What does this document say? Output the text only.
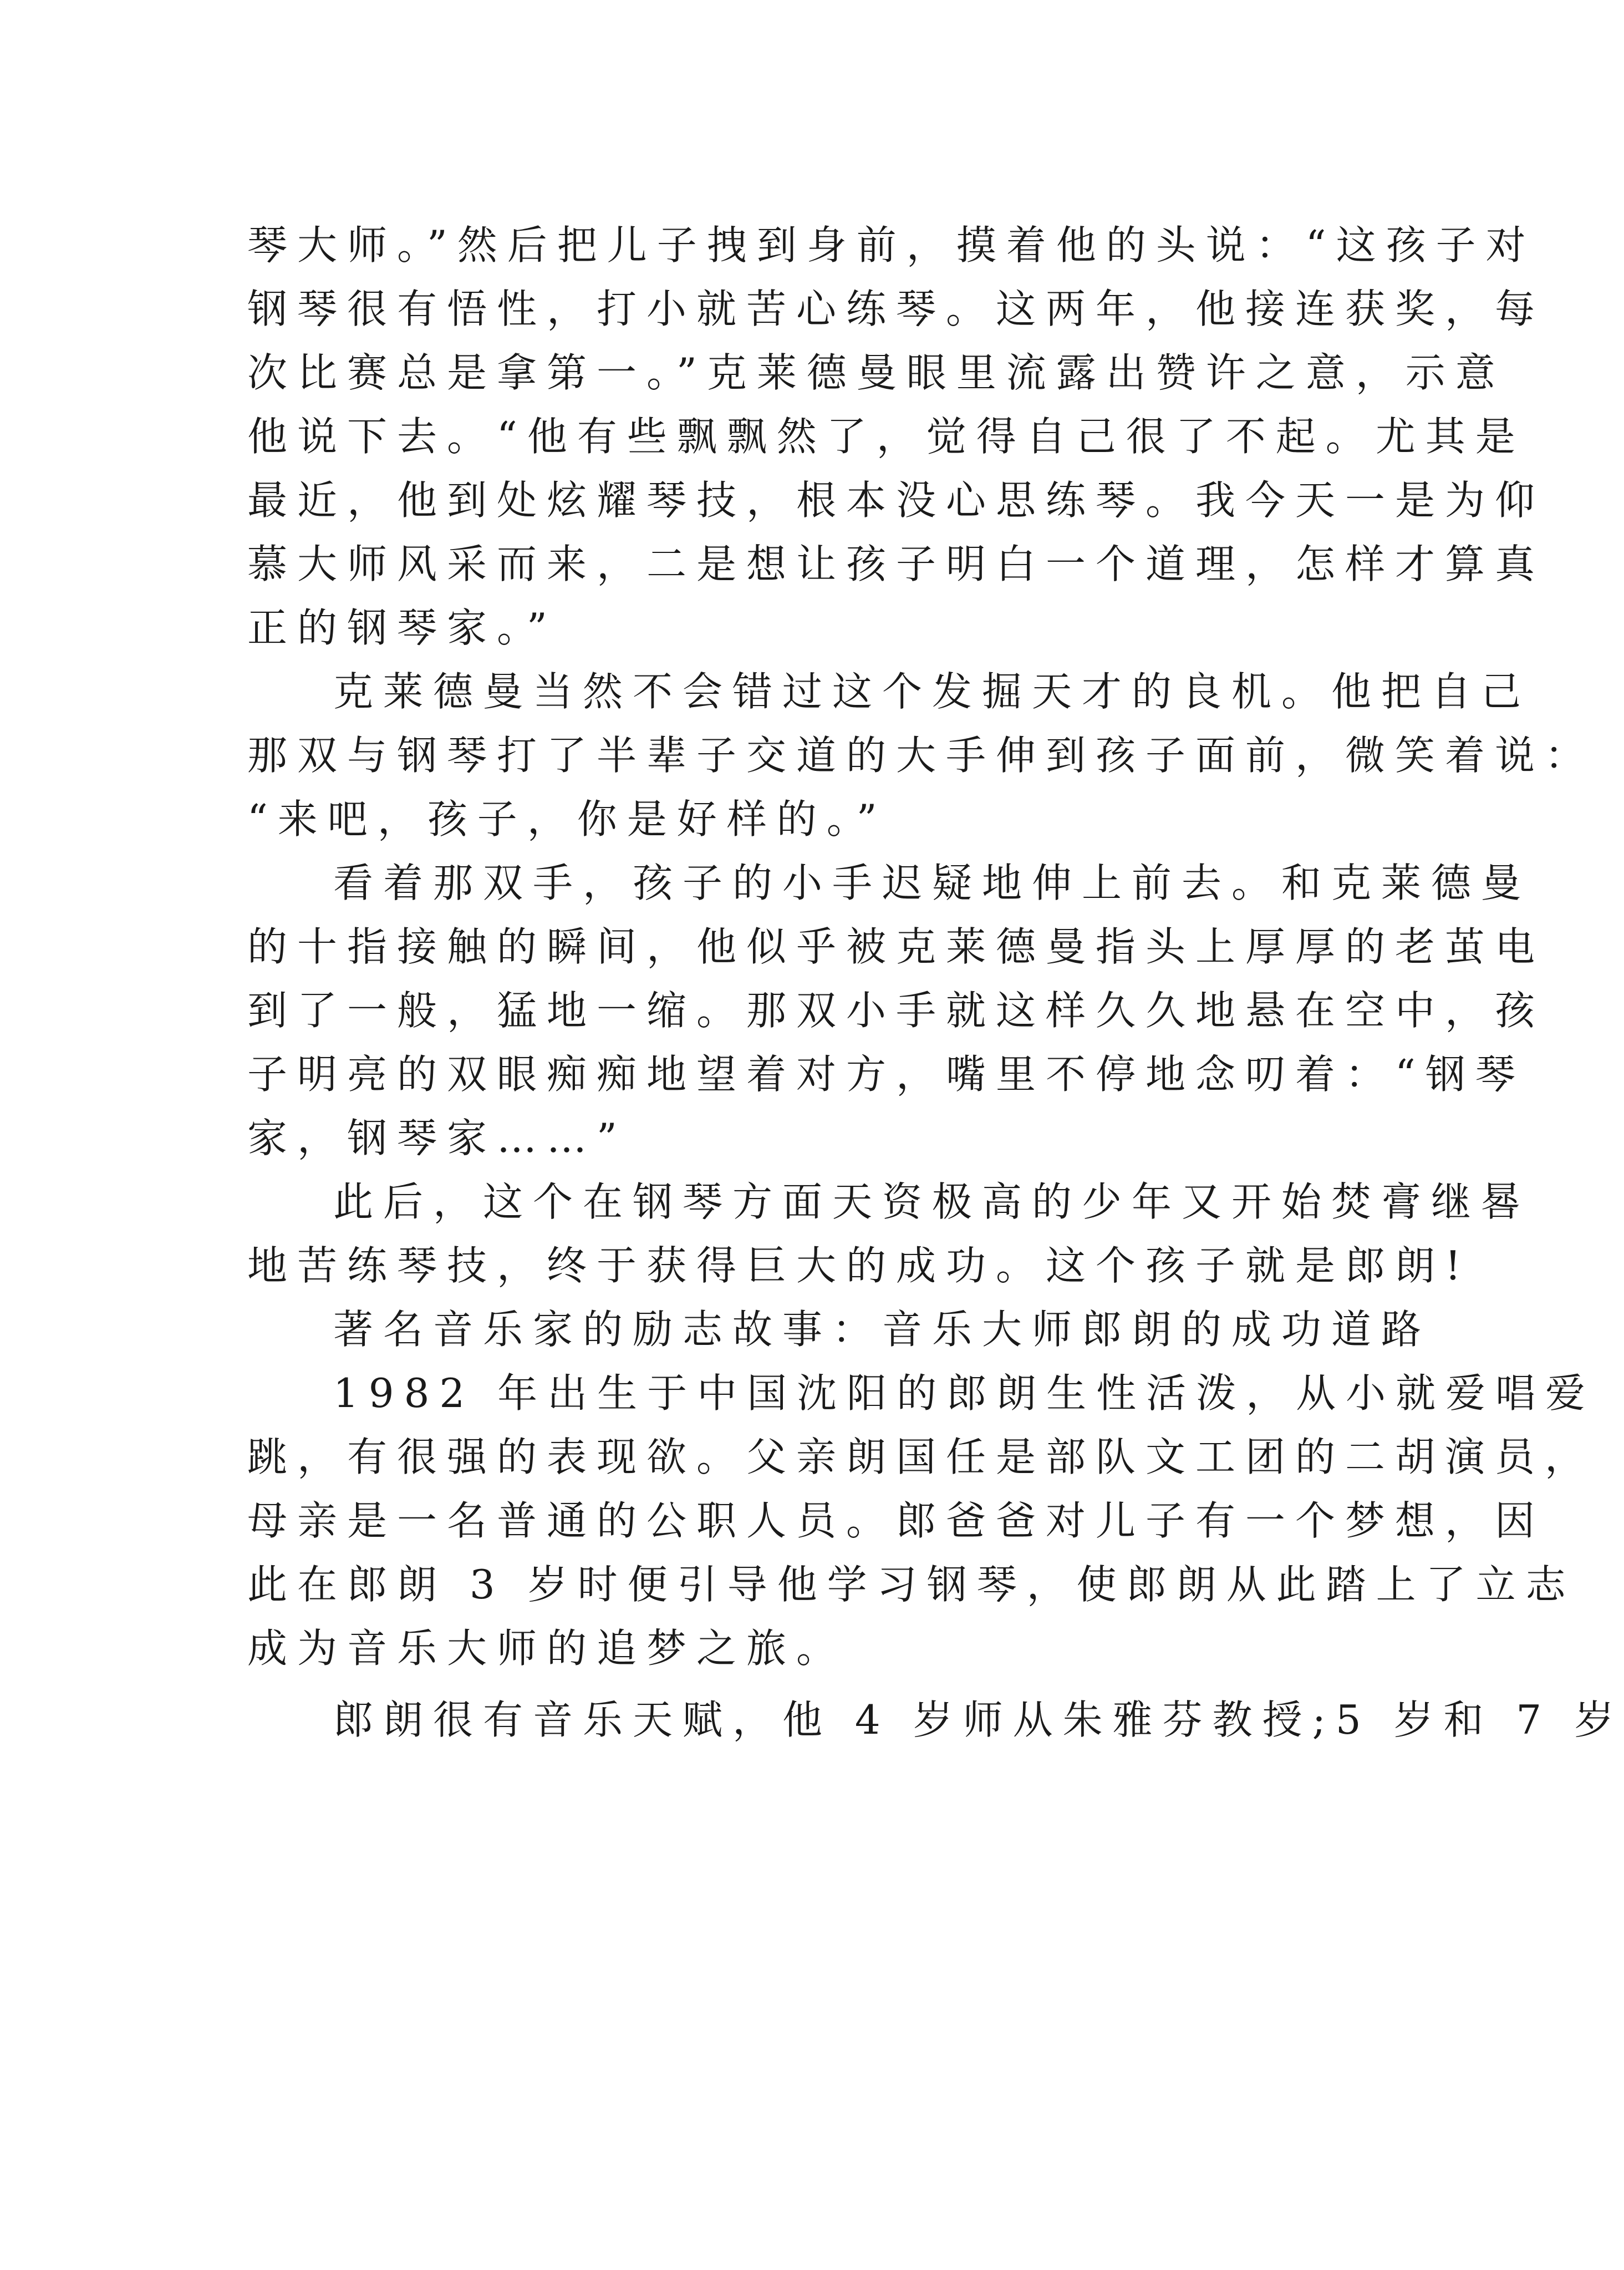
琴大师。”然后把儿子拽到身前，摸着他的头说：“这孩子对

钢琴很有悟性，打小就苦心练琴。这两年，他接连获奖，每

次比赛总是拿第一。”克莱德曼眼里流露出赞许之意，示意

他说下去。“他有些飘飘然了，觉得自己很了不起。尤其是

最近，他到处炫耀琴技，根本没心思练琴。我今天一是为仰

慕大师风采而来，二是想让孩子明白一个道理，怎样才算真

正的钢琴家。”

克莱德曼当然不会错过这个发掘天才的良机。他把自己

那双与钢琴打了半辈子交道的大手伸到孩子面前，微笑着说：

“来吧，孩子，你是好样的。”

看着那双手，孩子的小手迟疑地伸上前去。和克莱德曼

的十指接触的瞬间，他似乎被克莱德曼指头上厚厚的老茧电

到了一般，猛地一缩。那双小手就这样久久地悬在空中，孩

子明亮的双眼痴痴地望着对方，嘴里不停地念叨着：“钢琴

家，钢琴家……”

此后，这个在钢琴方面天资极高的少年又开始焚膏继晷

地苦练琴技，终于获得巨大的成功。这个孩子就是郎朗!

著名音乐家的励志故事：音乐大师郎朗的成功道路

1982 年出生于中国沈阳的郎朗生性活泼，从小就爱唱爱

跳，有很强的表现欲。父亲朗国任是部队文工团的二胡演员，

母亲是一名普通的公职人员。郎爸爸对儿子有一个梦想，因

此在郎朗 3 岁时便引导他学习钢琴，使郎朗从此踏上了立志

成为音乐大师的追梦之旅。

郎朗很有音乐天赋，他 4 岁师从朱雅芬教授;5 岁和 7 岁
